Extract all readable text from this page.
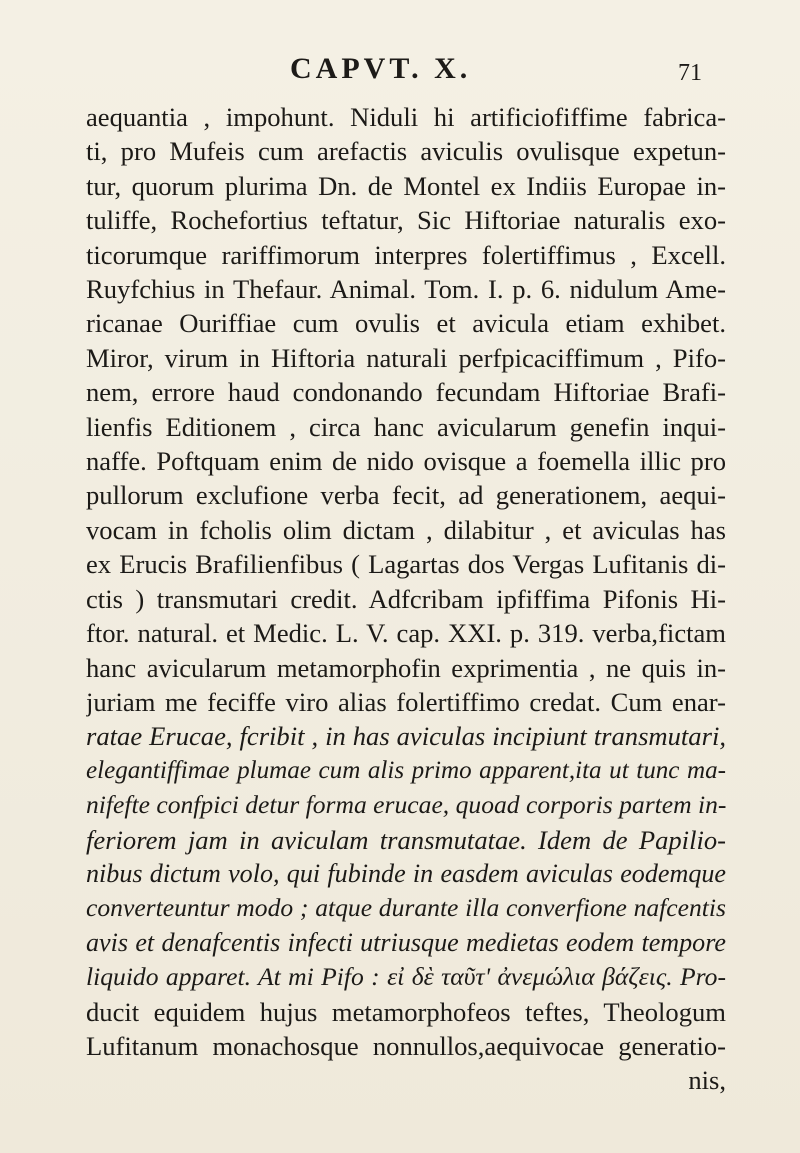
CAPVT. X.	71
aequantia , impohunt. Niduli hi artificiofiffime fabrica-
ti, pro Mufeis cum arefactis aviculis ovulisque expetun-
tur, quorum plurima Dn. de Montel ex Indiis Europae in-
tuliffe, Rochefortius teftatur, Sic Hiftoriae naturalis exo-
ticorumque rariffimorum interpres folertiffimus , Excell.
Ruyfchius in Thefaur. Animal. Tom. I. p. 6. nidulum Ame-
ricanae Ouriffiae cum ovulis et avicula etiam exhibet.
Miror, virum in Hiftoria naturali perfpicaciffimum , Pifo-
nem, errore haud condonando fecundam Hiftoriae Brafi-
lienfis Editionem , circa hanc avicularum genefin inqui-
naffe. Poftquam enim de nido ovisque a foemella illic pro
pullorum exclufione verba fecit, ad generationem, aequi-
vocam in fcholis olim dictam , dilabitur , et aviculas has
ex Erucis Brafilienfibus ( Lagartas dos Vergas Lufitanis di-
ctis ) transmutari credit. Adfcribam ipfiffima Pifonis Hi-
ftor. natural. et Medic. L. V. cap. XXI. p. 319. verba,fictam
hanc avicularum metamorphofin exprimentia , ne quis in-
juriam me feciffe viro alias folertiffimo credat. Cum enar-
ratae Erucae, fcribit , in has aviculas incipiunt transmutari,
elegantiffimae plumae cum alis primo apparent,ita ut tunc ma-
nifefte confpici detur forma erucae, quoad corporis partem in-
feriorem jam in aviculam transmutatae. Idem de Papilio-
nibus dictum volo, qui fubinde in easdem aviculas eodemque
converteuntur modo ; atque durante illa converfione nafcentis
avis et denafcentis infecti utriusque medietas eodem tempore
liquido apparet. At mi Pifo : εἰ δὲ ταῦτ' ἀνεμώλια βάζεις. Pro-
ducit equidem hujus metamorphofeos teftes, Theologum
Lufitanum monachosque nonnullos,aequivocae generatio-
nis,
